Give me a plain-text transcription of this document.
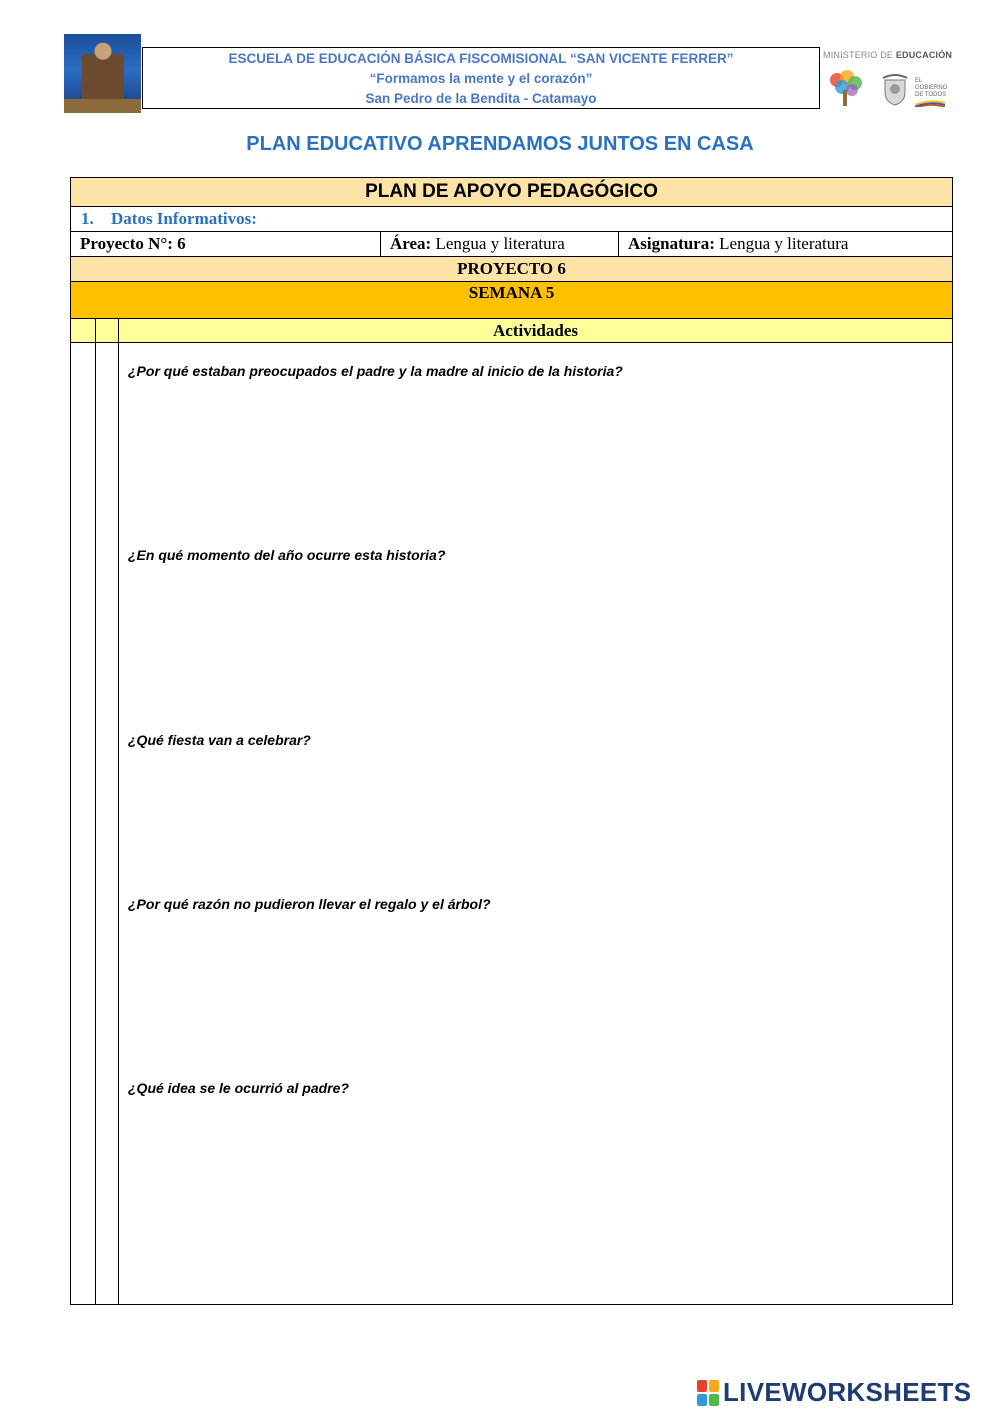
ESCUELA DE EDUCACIÓN BÁSICA FISCOMISIONAL “SAN VICENTE FERRER”
“Formamos la mente y el corazón”
San Pedro de la Bendita - Catamayo
MINISTERIO DE EDUCACIÓN
EL GOBIERNO DE TODOS
PLAN EDUCATIVO APRENDAMOS JUNTOS EN CASA
PLAN DE APOYO PEDAGÓGICO
1. Datos Informativos:
Proyecto N°: 6	Área: Lengua y literatura	Asignatura: Lengua y literatura
PROYECTO 6
SEMANA 5
Actividades
¿Por qué estaban preocupados el padre y la madre al inicio de la historia?
¿En qué momento del año ocurre esta historia?
¿Qué fiesta van a celebrar?
¿Por qué razón no pudieron llevar el regalo y el árbol?
¿Qué idea se le ocurrió al padre?
LIVEWORKSHEETS
